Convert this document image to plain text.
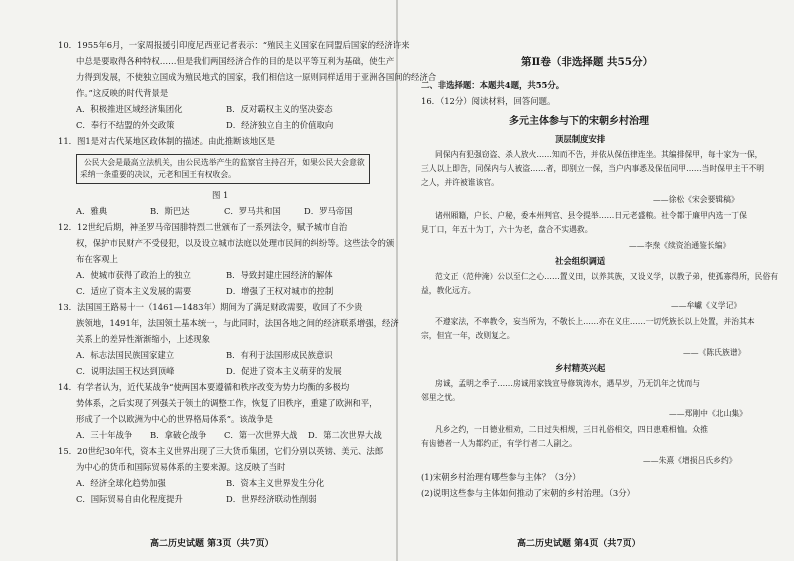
10．1955年6月，一家周报援引印度尼西亚记者表示：“殖民主义国家在同盟后国家的经济许来
中总是要取得各种特权……但是我们两国经济合作的目的是以平等互利为基础，使生产
力得到发展，不使独立国成为殖民地式的国家，我们相信这一原则同样适用于亚洲各国间的经济合
作。”这反映的时代背景是
A．积极推进区域经济集团化	B．反对霸权主义的坚决姿态
C．奉行不结盟的外交政策	D．经济独立自主的价值取向
11．图1是对古代某地区政体制的描述。由此推断该地区是
公民大会是最高立法机关，由公民选举产生的监察官主持召开，如果公民大会意欲
采纳一条重要的决议，元老和国王有权收会。
图 1
A．雅典	B．斯巴达	C．罗马共和国	D．罗马帝国
12．12世纪后期，神圣罗马帝国腓特烈二世颁布了一系列法令，赋予城市自治
权，保护市民财产不受侵犯，以及设立城市法庭以处理市民间的纠纷等。这些法令的颁
布在客观上
A．使城市获得了政治上的独立	B．导致封建庄园经济的解体
C．适应了资本主义发展的需要	D．增强了王权对城市的控制
13．法国国王路易十一（1461—1483年）期间为了满足财政需要，收回了不少贵
族领地，1491年，法国领土基本统一，与此同时，法国各地之间的经济联系增强，经济
关系上的差异性渐渐缩小，上述现象
A．标志法国民族国家建立	B．有利于法国形成民族意识
C．说明法国王权达到顶峰	D．促进了资本主义萌芽的发展
14．有学者认为，近代某战争“使两国本要遵循和秩序改变为势力均衡的多极均
势体系，之后实现了列强关于领土的调整工作，恢复了旧秩序，重建了欧洲和平，
形成了一个以欧洲为中心的世界格局体系”。该战争是
A．三十年战争 B．拿破仑战争 C．第一次世界大战 D．第二次世界大战
15．20世纪30年代，资本主义世界出现了三大货币集团，它们分别以英镑、美元、法郎
为中心的货币和国际贸易体系的主要来源。这反映了当时
A．经济全球化趋势加强	B．资本主义世界发生分化
C．国际贸易自由化程度提升	D．世界经济联动性削弱
高二历史试题 第3页（共7页）
第Ⅱ卷（非选择题 共55分）
二、非选择题：本题共4题，共55分。
16．（12分）阅读材料，回答问题。
多元主体参与下的宋朝乡村治理
顶层制度安排
同保内有犯强窃盗、杀人放火……知而不告，并依从保伍律连坐。其编排保甲，每十家为一保，
三人以上即告，同保内与人被盗……者，即别立一保，当户内事悉及保伍同甲……当时保甲主干不明
之人，并许被谁该官。
——徐松《宋会要辑稿》
诸州厢籍，户长、户秘，委本州判官、县令提举……日元老盛粮。社令都于廉甲内选一丁保
見丁口，年五十为丁，六十为老，盘合不实遇救。
——李焘《续资治通鉴长编》
社会组织调适
范文正（范仲淹）公以至仁之心……置义田，以养其族，又设义学，以教子弟，使孤寡得所，民俗有
益，教化远方。
——牟巘《义学记》
不遵家法，不率教令，妄当所为，不敬长上……亦在义庄……一切凭族长以上处置，并治其本
宗，但宜一年，改则复之。
——《陈氏族谱》
乡村精英兴起
房诚，孟明之季子……房诚用家钱宣导修筑涛水，遇旱岁，乃无饥年之忧而与
邻里之忧。
——郑刚中《北山集》
凡乡之约，一日德业相劝，二日过失相规，三日礼俗相交，四日患难相恤。众推
有齿德者一人为都约正，有学行者二人副之。
——朱熹《增损吕氏乡约》
(1)宋朝乡村治理有哪些参与主体？（3分）
(2)说明这些参与主体如何推动了宋朝的乡村治理。（3分）
高二历史试题 第4页（共7页）
